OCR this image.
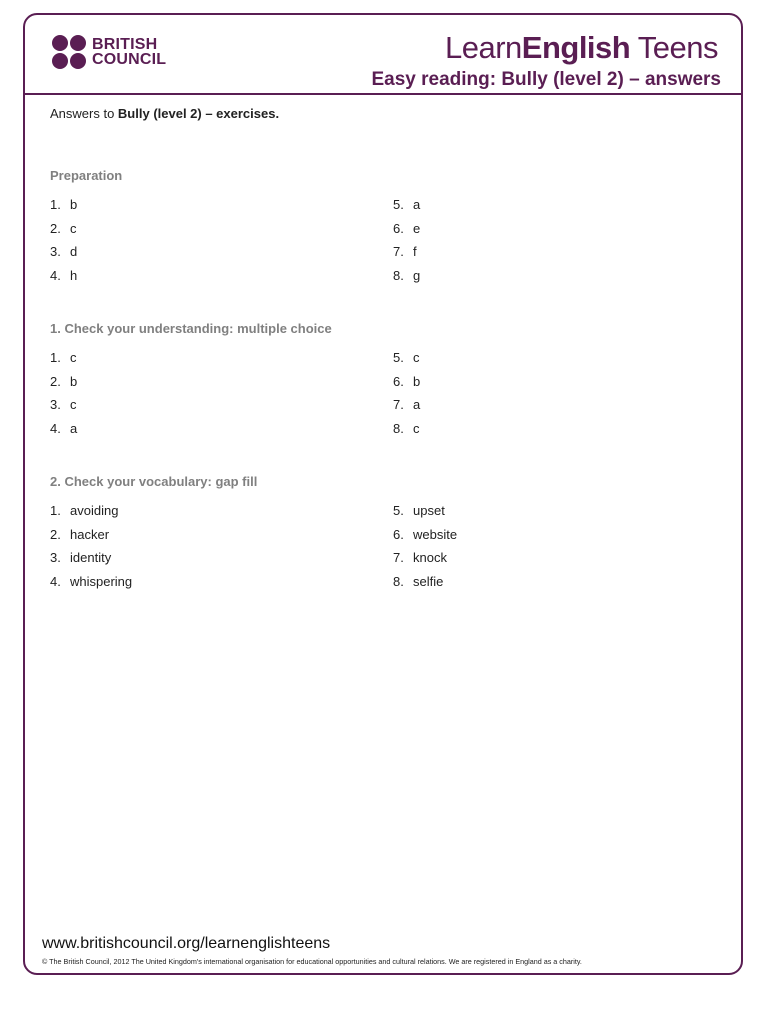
BRITISH
COUNCIL	LearnEnglish Teens
Easy reading: Bully (level 2) – answers
Answers to Bully (level 2) – exercises.
Preparation
1. b
2. c
3. d
4. h
5. a
6. e
7. f
8. g
1. Check your understanding: multiple choice
1. c
2. b
3. c
4. a
5. c
6. b
7. a
8. c
2. Check your vocabulary: gap fill
1. avoiding
2. hacker
3. identity
4. whispering
5. upset
6. website
7. knock
8. selfie
www.britishcouncil.org/learnenglishteens
© The British Council, 2012 The United Kingdom's international organisation for educational opportunities and cultural relations. We are registered in England as a charity.
